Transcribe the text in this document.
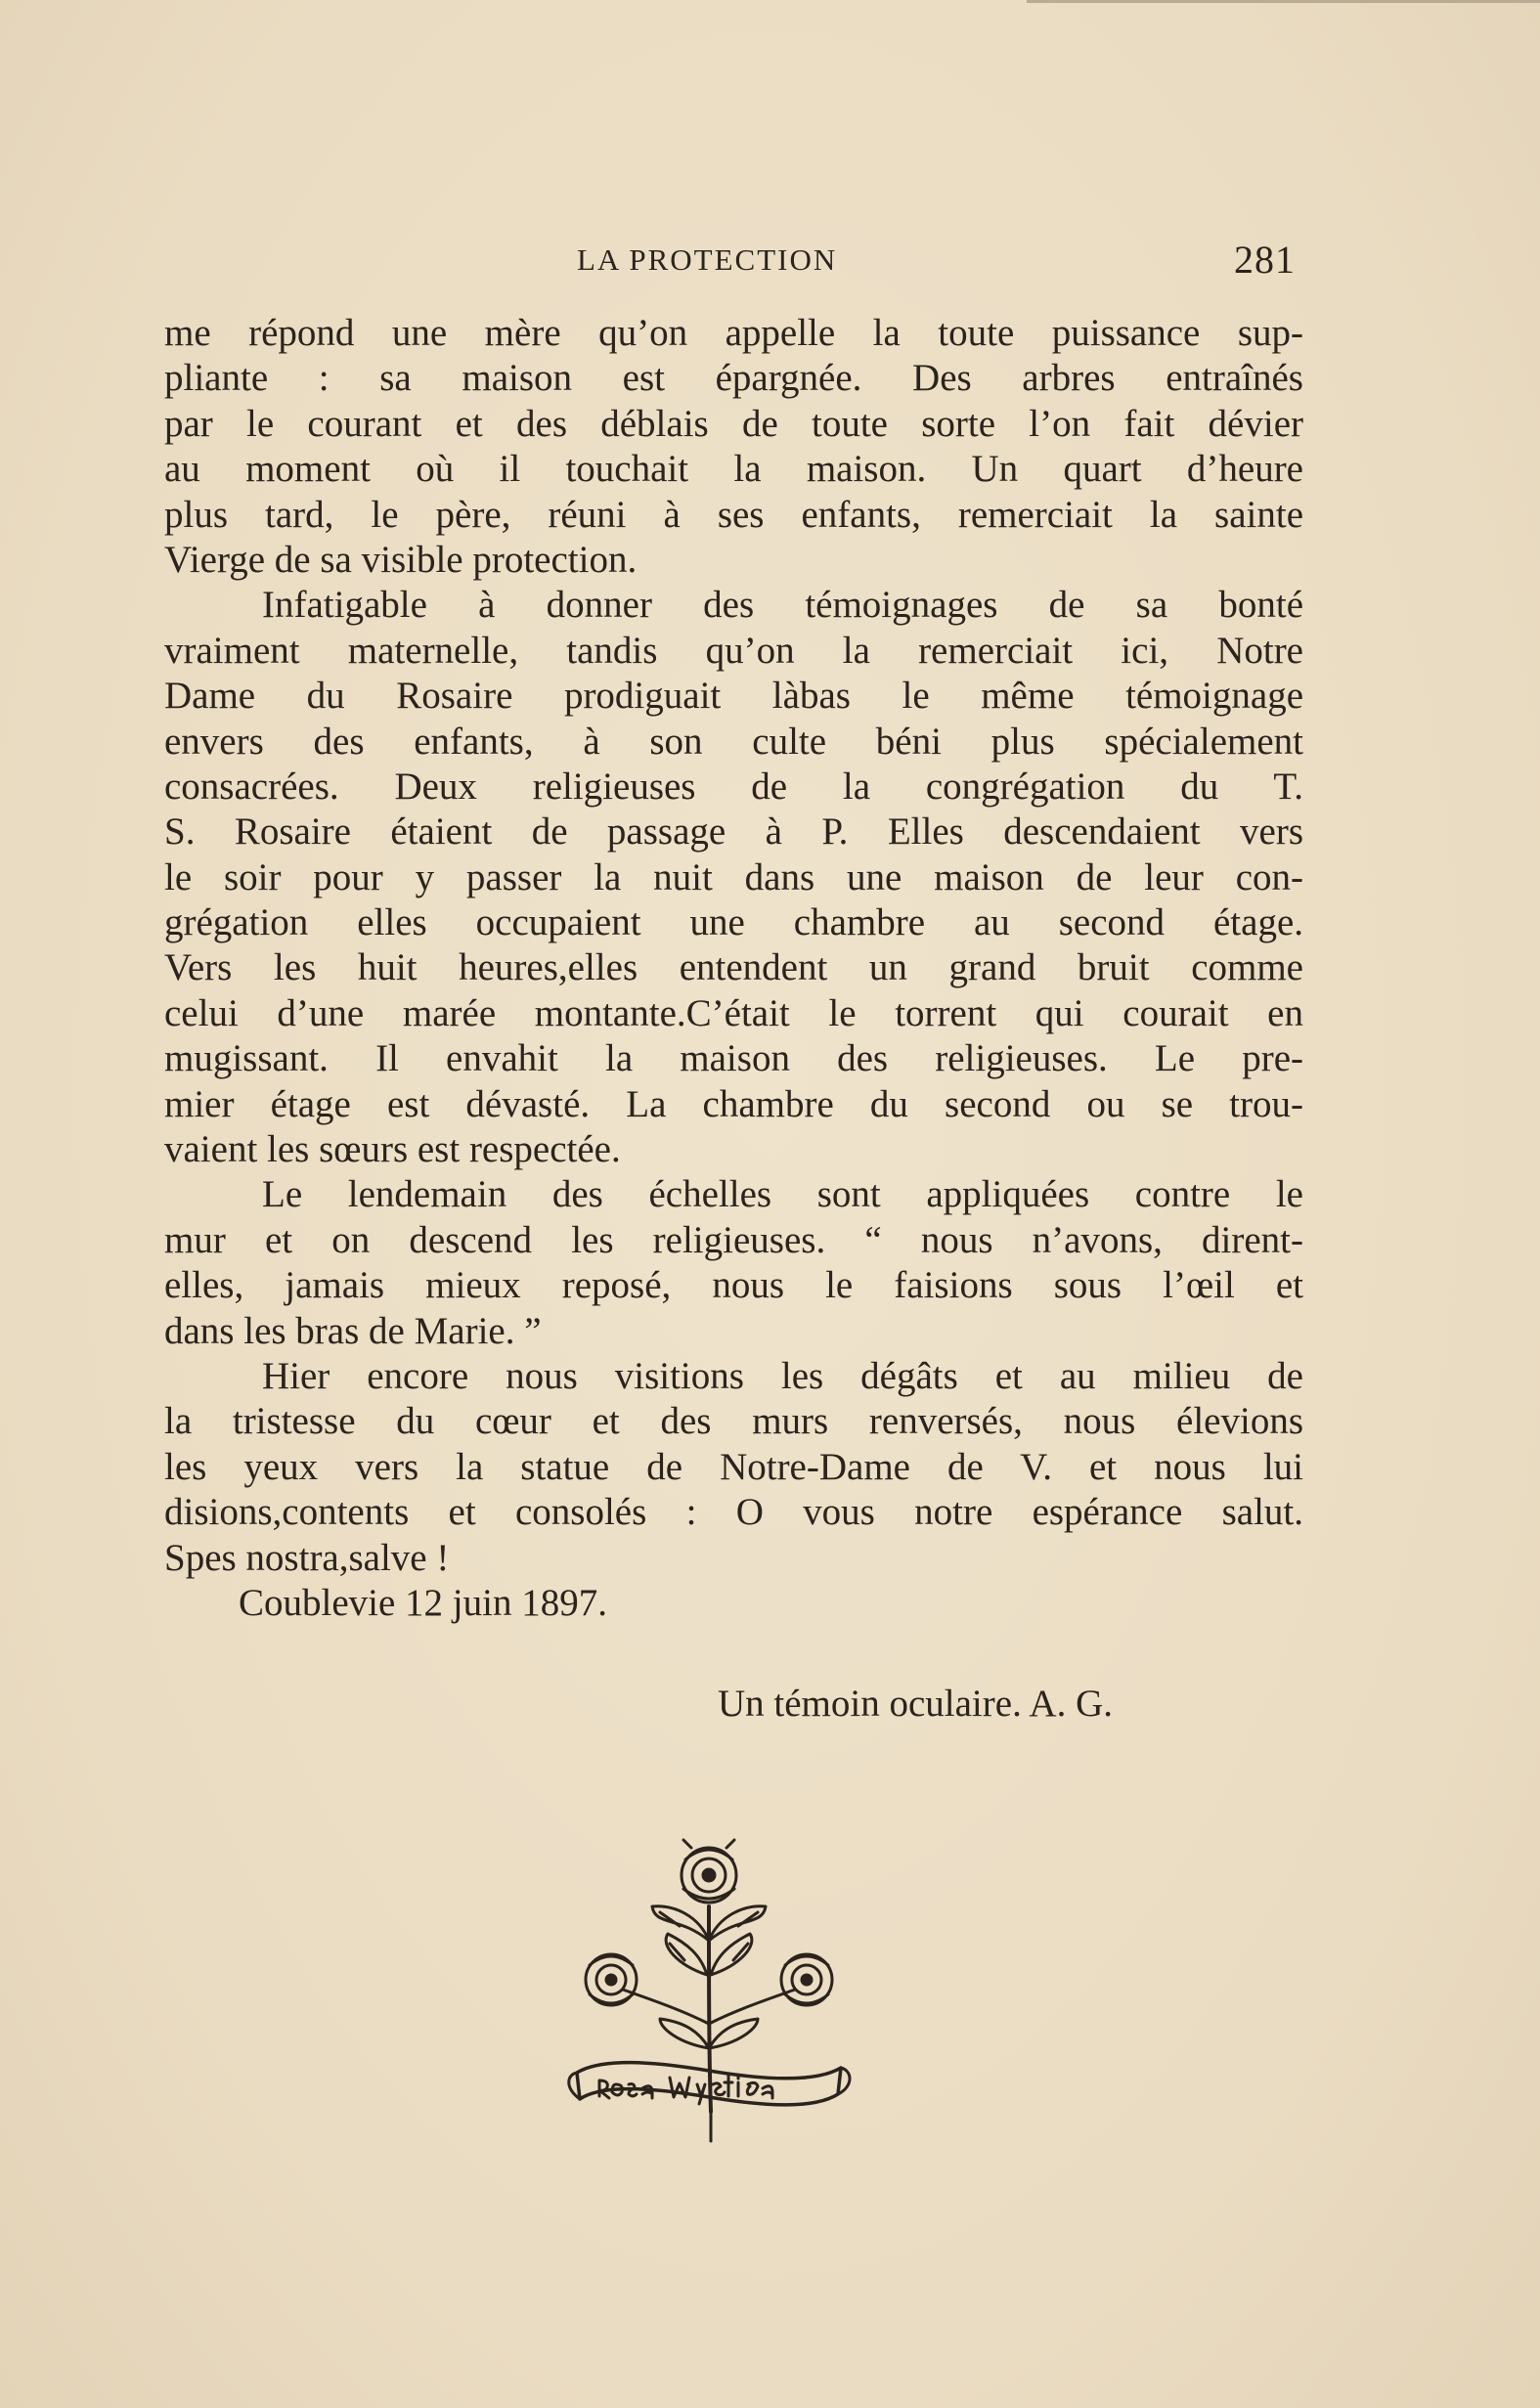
LA PROTECTION	281
me répond une mère qu’on appelle la toute puissance sup-
pliante : sa maison est épargnée. Des arbres entraînés
par le courant et des déblais de toute sorte l’on fait dévier
au moment où il touchait la maison. Un quart d’heure
plus tard, le père, réuni à ses enfants, remerciait la sainte
Vierge de sa visible protection.
Infatigable à donner des témoignages de sa bonté
vraiment maternelle, tandis qu’on la remerciait ici, Notre
Dame du Rosaire prodiguait làbas le même témoignage
envers des enfants, à son culte béni plus spécialement
consacrées. Deux religieuses de la congrégation du T.
S. Rosaire étaient de passage à P. Elles descendaient vers
le soir pour y passer la nuit dans une maison de leur con-
grégation elles occupaient une chambre au second étage.
Vers les huit heures,elles entendent un grand bruit comme
celui d’une marée montante.C’était le torrent qui courait en
mugissant. Il envahit la maison des religieuses. Le pre-
mier étage est dévasté. La chambre du second ou se trou-
vaient les sœurs est respectée.
Le lendemain des échelles sont appliquées contre le
mur et on descend les religieuses. “ nous n’avons, dirent-
elles, jamais mieux reposé, nous le faisions sous l’œil et
dans les bras de Marie. ”
Hier encore nous visitions les dégâts et au milieu de
la tristesse du cœur et des murs renversés, nous élevions
les yeux vers la statue de Notre-Dame de V. et nous lui
disions,contents et consolés : O vous notre espérance salut.
Spes nostra,salve !
Coublevie 12 juin 1897.
Un témoin oculaire. A. G.
